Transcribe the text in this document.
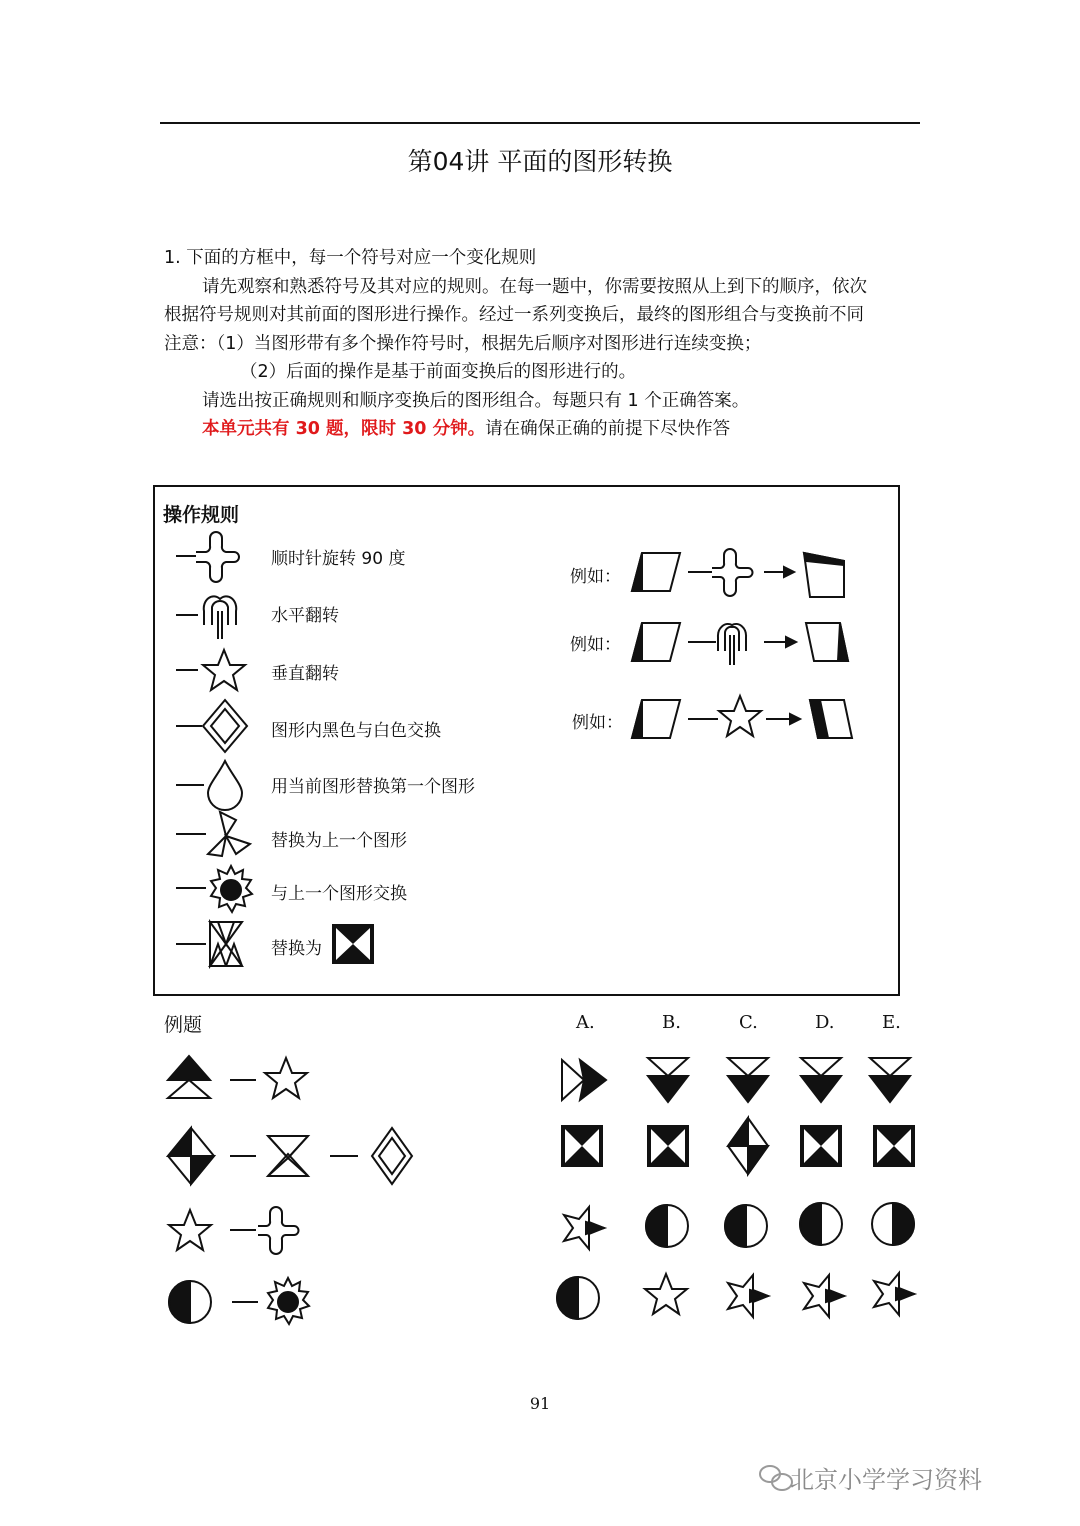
第04讲 平面的图形转换

1. 下面的方框中，每一个符号对应一个变化规则

请先观察和熟悉符号及其对应的规则。在每一题中，你需要按照从上到下的顺序，依次

根据符号规则对其前面的图形进行操作。经过一系列变换后，最终的图形组合与变换前不同

注意：（1）当图形带有多个操作符号时，根据先后顺序对图形进行连续变换；

（2）后面的操作是基于前面变换后的图形进行的。

请选出按正确规则和顺序变换后的图形组合。每题只有 1 个正确答案。

本单元共有 30 题，限时 30 分钟。请在确保正确的前提下尽快作答

操作规则
顺时针旋转 90 度
水平翻转
垂直翻转
图形内黑色与白色交换
用当前图形替换第一个图形
替换为上一个图形
与上一个图形交换
替换为
例如：
例如：
例如：
例题	A.	B.	C.	D.	E.
91
北京小学学习资料
